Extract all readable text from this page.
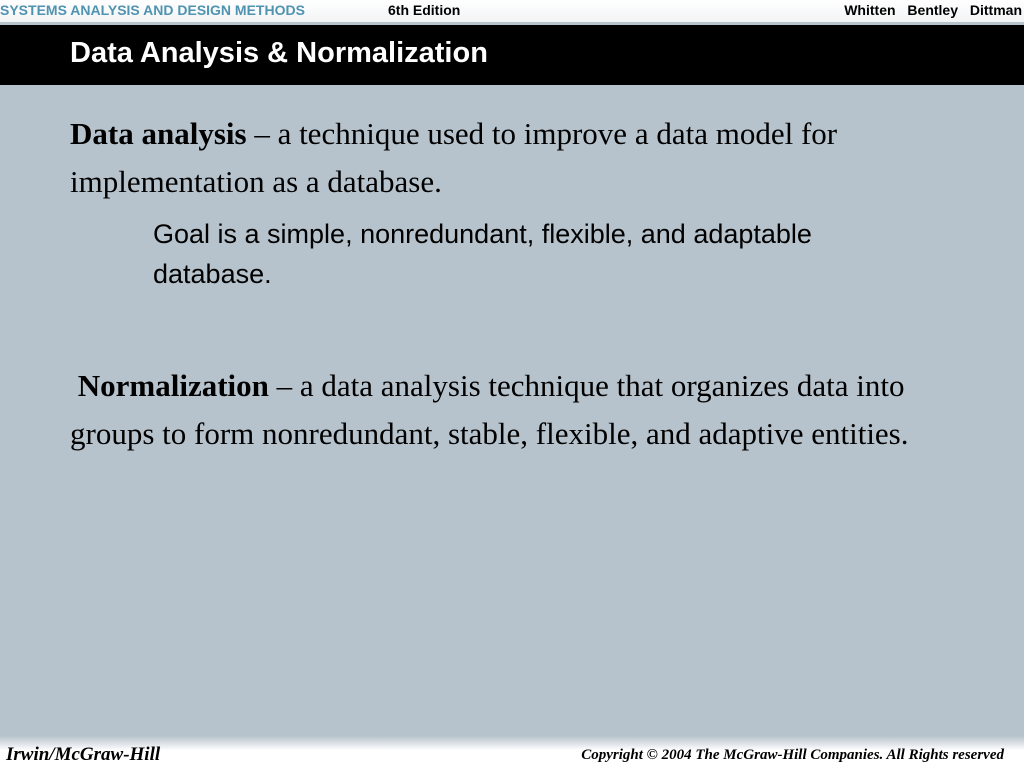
SYSTEMS ANALYSIS AND DESIGN METHODS	6th Edition	Whitten Bentley Dittman
Data Analysis & Normalization

Data analysis – a technique used to improve a data model for implementation as a database.

Goal is a simple, nonredundant, flexible, and adaptable database.

Normalization – a data analysis technique that organizes data into groups to form nonredundant, stable, flexible, and adaptive entities.

Irwin/McGraw-Hill	Copyright © 2004 The McGraw-Hill Companies. All Rights reserved
